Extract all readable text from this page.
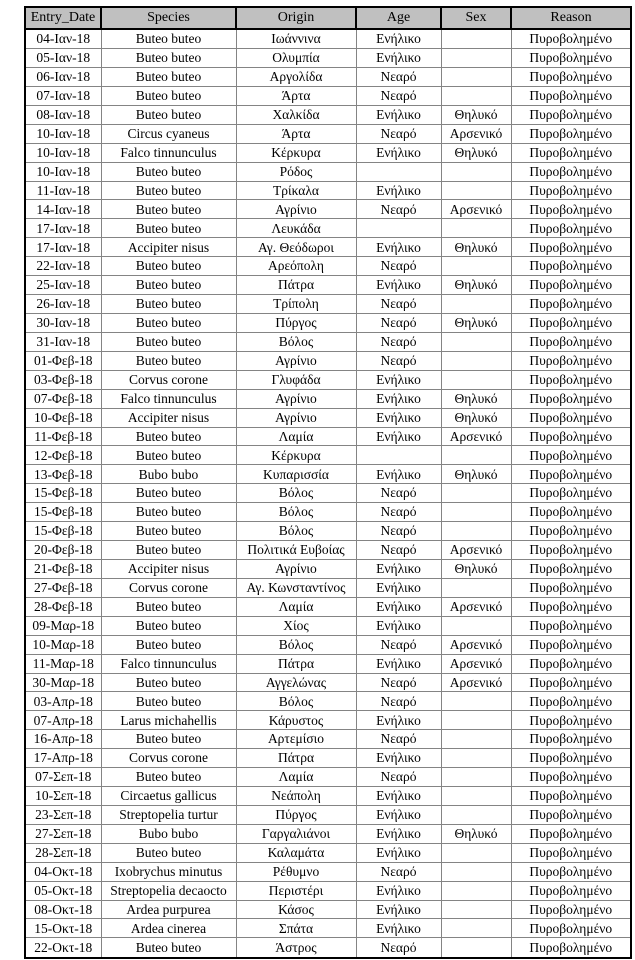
Entry_Date	Species	Origin	Age	Sex	Reason
04-Ιαν-18	Buteo buteo	Ιωάννινα	Ενήλικο		Πυροβολημένο
05-Ιαν-18	Buteo buteo	Ολυμπία	Ενήλικο		Πυροβολημένο
06-Ιαν-18	Buteo buteo	Αργολίδα	Νεαρό		Πυροβολημένο
07-Ιαν-18	Buteo buteo	Άρτα	Νεαρό		Πυροβολημένο
08-Ιαν-18	Buteo buteo	Χαλκίδα	Ενήλικο	Θηλυκό	Πυροβολημένο
10-Ιαν-18	Circus cyaneus	Άρτα	Νεαρό	Αρσενικό	Πυροβολημένο
10-Ιαν-18	Falco tinnunculus	Κέρκυρα	Ενήλικο	Θηλυκό	Πυροβολημένο
10-Ιαν-18	Buteo buteo	Ρόδος			Πυροβολημένο
11-Ιαν-18	Buteo buteo	Τρίκαλα	Ενήλικο		Πυροβολημένο
14-Ιαν-18	Buteo buteo	Αγρίνιο	Νεαρό	Αρσενικό	Πυροβολημένο
17-Ιαν-18	Buteo buteo	Λευκάδα			Πυροβολημένο
17-Ιαν-18	Accipiter nisus	Αγ. Θεόδωροι	Ενήλικο	Θηλυκό	Πυροβολημένο
22-Ιαν-18	Buteo buteo	Αρεόπολη	Νεαρό		Πυροβολημένο
25-Ιαν-18	Buteo buteo	Πάτρα	Ενήλικο	Θηλυκό	Πυροβολημένο
26-Ιαν-18	Buteo buteo	Τρίπολη	Νεαρό		Πυροβολημένο
30-Ιαν-18	Buteo buteo	Πύργος	Νεαρό	Θηλυκό	Πυροβολημένο
31-Ιαν-18	Buteo buteo	Βόλος	Νεαρό		Πυροβολημένο
01-Φεβ-18	Buteo buteo	Αγρίνιο	Νεαρό		Πυροβολημένο
03-Φεβ-18	Corvus corone	Γλυφάδα	Ενήλικο		Πυροβολημένο
07-Φεβ-18	Falco tinnunculus	Αγρίνιο	Ενήλικο	Θηλυκό	Πυροβολημένο
10-Φεβ-18	Accipiter nisus	Αγρίνιο	Ενήλικο	Θηλυκό	Πυροβολημένο
11-Φεβ-18	Buteo buteo	Λαμία	Ενήλικο	Αρσενικό	Πυροβολημένο
12-Φεβ-18	Buteo buteo	Κέρκυρα			Πυροβολημένο
13-Φεβ-18	Bubo bubo	Κυπαρισσία	Ενήλικο	Θηλυκό	Πυροβολημένο
15-Φεβ-18	Buteo buteo	Βόλος	Νεαρό		Πυροβολημένο
15-Φεβ-18	Buteo buteo	Βόλος	Νεαρό		Πυροβολημένο
15-Φεβ-18	Buteo buteo	Βόλος	Νεαρό		Πυροβολημένο
20-Φεβ-18	Buteo buteo	Πολιτικά Ευβοίας	Νεαρό	Αρσενικό	Πυροβολημένο
21-Φεβ-18	Accipiter nisus	Αγρίνιο	Ενήλικο	Θηλυκό	Πυροβολημένο
27-Φεβ-18	Corvus corone	Αγ. Κωνσταντίνος	Ενήλικο		Πυροβολημένο
28-Φεβ-18	Buteo buteo	Λαμία	Ενήλικο	Αρσενικό	Πυροβολημένο
09-Μαρ-18	Buteo buteo	Χίος	Ενήλικο		Πυροβολημένο
10-Μαρ-18	Buteo buteo	Βόλος	Νεαρό	Αρσενικό	Πυροβολημένο
11-Μαρ-18	Falco tinnunculus	Πάτρα	Ενήλικο	Αρσενικό	Πυροβολημένο
30-Μαρ-18	Buteo buteo	Αγγελώνας	Νεαρό	Αρσενικό	Πυροβολημένο
03-Απρ-18	Buteo buteo	Βόλος	Νεαρό		Πυροβολημένο
07-Απρ-18	Larus michahellis	Κάρυστος	Ενήλικο		Πυροβολημένο
16-Απρ-18	Buteo buteo	Αρτεμίσιο	Νεαρό		Πυροβολημένο
17-Απρ-18	Corvus corone	Πάτρα	Ενήλικο		Πυροβολημένο
07-Σεπ-18	Buteo buteo	Λαμία	Νεαρό		Πυροβολημένο
10-Σεπ-18	Circaetus gallicus	Νεάπολη	Ενήλικο		Πυροβολημένο
23-Σεπ-18	Streptopelia turtur	Πύργος	Ενήλικο		Πυροβολημένο
27-Σεπ-18	Bubo bubo	Γαργαλιάνοι	Ενήλικο	Θηλυκό	Πυροβολημένο
28-Σεπ-18	Buteo buteo	Καλαμάτα	Ενήλικο		Πυροβολημένο
04-Οκτ-18	Ixobrychus minutus	Ρέθυμνο	Νεαρό		Πυροβολημένο
05-Οκτ-18	Streptopelia decaocto	Περιστέρι	Ενήλικο		Πυροβολημένο
08-Οκτ-18	Ardea purpurea	Κάσος	Ενήλικο		Πυροβολημένο
15-Οκτ-18	Ardea cinerea	Σπάτα	Ενήλικο		Πυροβολημένο
22-Οκτ-18	Buteo buteo	Άστρος	Νεαρό		Πυροβολημένο
